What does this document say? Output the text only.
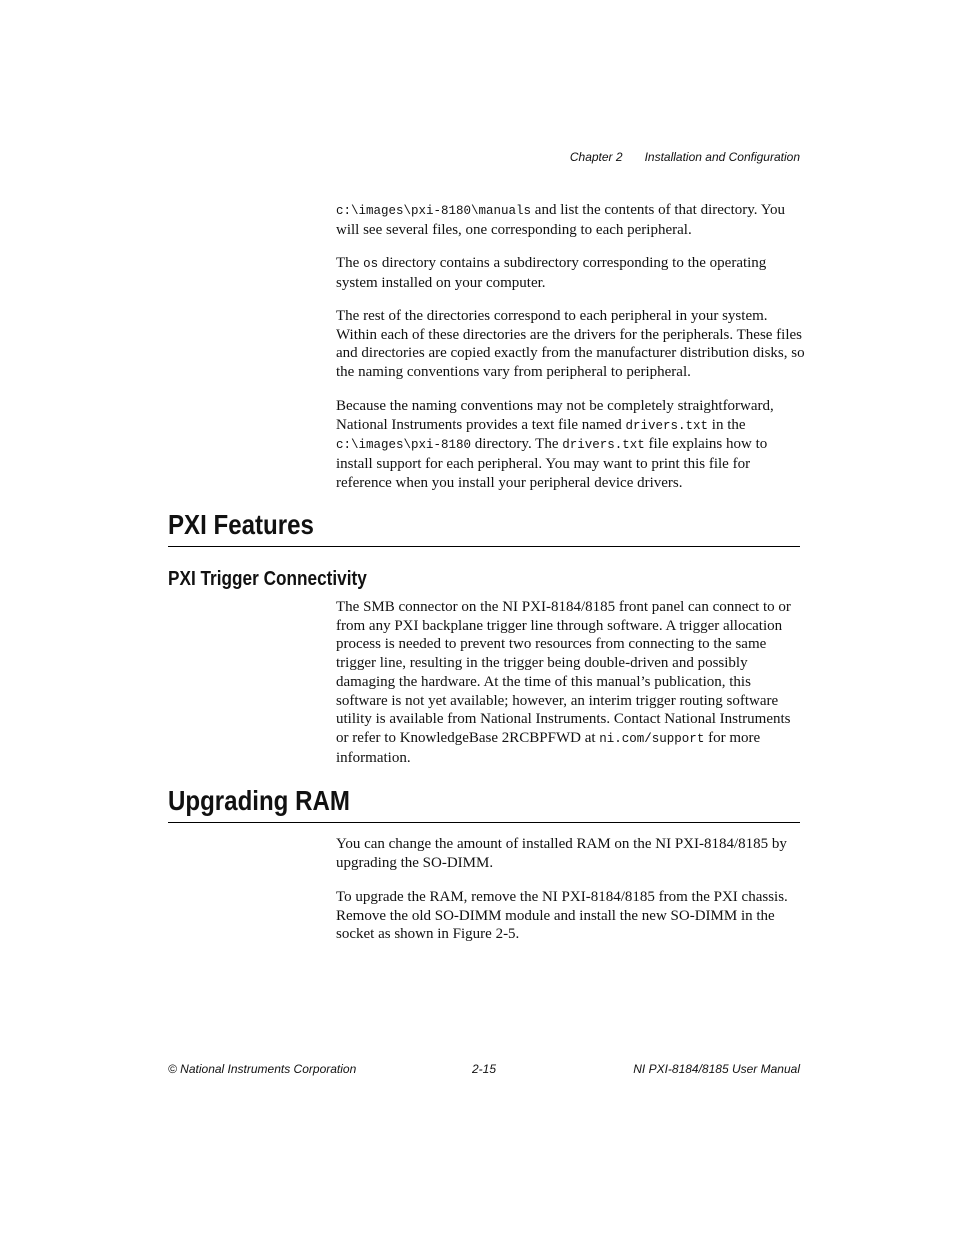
Chapter 2 Installation and Configuration

c:\images\pxi-8180\manuals and list the contents of that directory. You will see several files, one corresponding to each peripheral.

The os directory contains a subdirectory corresponding to the operating system installed on your computer.

The rest of the directories correspond to each peripheral in your system. Within each of these directories are the drivers for the peripherals. These files and directories are copied exactly from the manufacturer distribution disks, so the naming conventions vary from peripheral to peripheral.

Because the naming conventions may not be completely straightforward, National Instruments provides a text file named drivers.txt in the c:\images\pxi-8180 directory. The drivers.txt file explains how to install support for each peripheral. You may want to print this file for reference when you install your peripheral device drivers.

PXI Features
PXI Trigger Connectivity

The SMB connector on the NI PXI-8184/8185 front panel can connect to or from any PXI backplane trigger line through software. A trigger allocation process is needed to prevent two resources from connecting to the same trigger line, resulting in the trigger being double-driven and possibly damaging the hardware. At the time of this manual’s publication, this software is not yet available; however, an interim trigger routing software utility is available from National Instruments. Contact National Instruments or refer to KnowledgeBase 2RCBPFWD at ni.com/support for more information.

Upgrading RAM

You can change the amount of installed RAM on the NI PXI-8184/8185 by upgrading the SO-DIMM.

To upgrade the RAM, remove the NI PXI-8184/8185 from the PXI chassis. Remove the old SO-DIMM module and install the new SO-DIMM in the socket as shown in Figure 2-5.

© National Instruments Corporation	2-15	NI PXI-8184/8185 User Manual
